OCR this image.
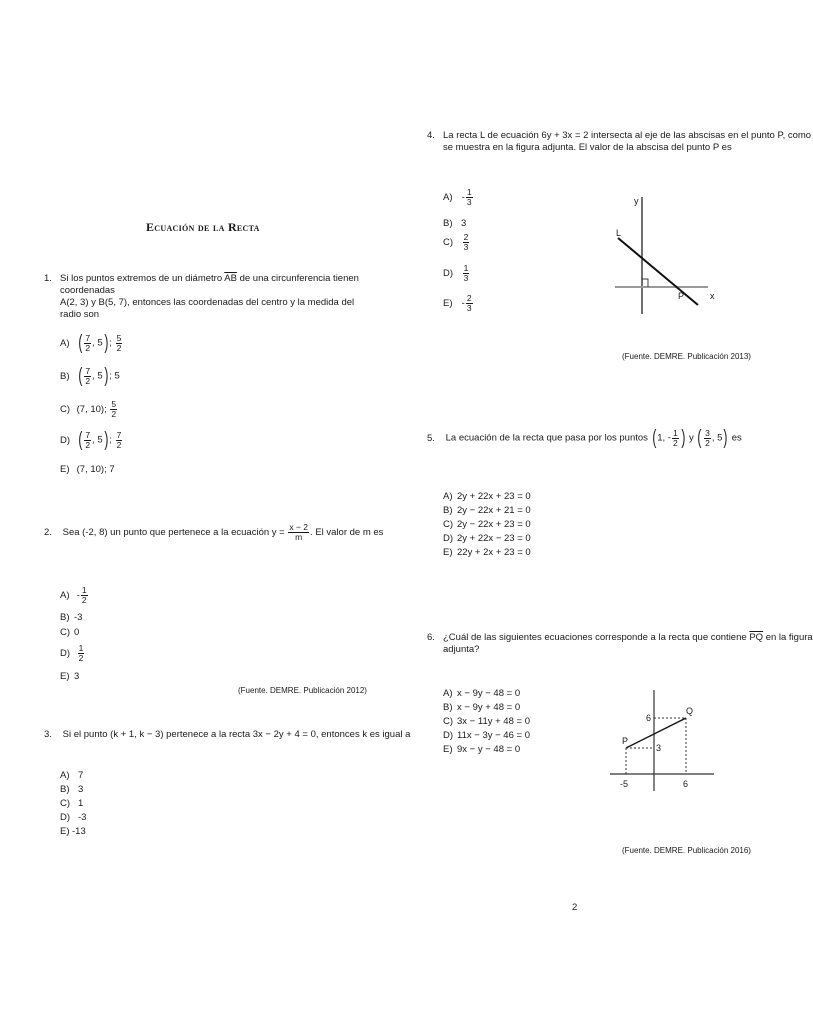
Ecuación de la Recta
1. Si los puntos extremos de un diámetro $\overline{AB}$ de una circunferencia tienen coordenadas
A(2, 3) y B(5, 7), entonces las coordenadas del centro y la medida del radio son
A) ( $\frac{7}{2}$ , 5); $\frac{5}{2}$
B) ( $\frac{7}{2}$ , 5); 5
C) (7, 10); $\frac{5}{2}$
D) ( $\frac{7}{2}$ , 5); $\frac{7}{2}$
E) (7, 10); 7
2. Sea (-2, 8) un punto que pertenece a la ecuación $y = \frac{x - 2}{m}$ . El valor de m es
$A) - \frac{1}{2}$
B) -3
C) 0
$D) \frac{1}{2}$
E) 3
(Fuente. DEMRE. Publicación 2012)
3. Si el punto (k + 1, k − 3) pertenece a la recta 3x − 2y + 4 = 0, entonces k es igual a
A) 7
B) 3
C) 1
D) -3
E) -13
4. La recta L de ecuación 6y + 3x = 2 intersecta al eje de las abscisas en el punto P, como
se muestra en la figura adjunta. El valor de la abscisa del punto P es
$A) - \frac{1}{3}$
B) 3
$C) \frac{2}{3}$
$D) \frac{1}{3}$
$E) - \frac{2}{3}$
y
x
L
P
(Fuente. DEMRE. Publicación 2013)
5. La ecuación de la recta que pasa por los puntos (1, - $\frac{1}{2}$ ) y ( $\frac{3}{2}$ , 5) es
A) 2y + 22x + 23 = 0
B) 2y − 22x + 21 = 0
C) 2y − 22x + 23 = 0
D) 2y + 22x − 23 = 0
E) 22y + 2x + 23 = 0
6. ¿Cuál de las siguientes ecuaciones corresponde a la recta que contiene $\overline{PQ}$ en la figura
adjunta?
A) x − 9y − 48 = 0
B) x − 9y + 48 = 0
C) 3x − 11y + 48 = 0
D) 11x − 3y − 46 = 0
E) 9x − y − 48 = 0
Q
P
6
3
-5	6
(Fuente. DEMRE. Publicación 2016)
2
